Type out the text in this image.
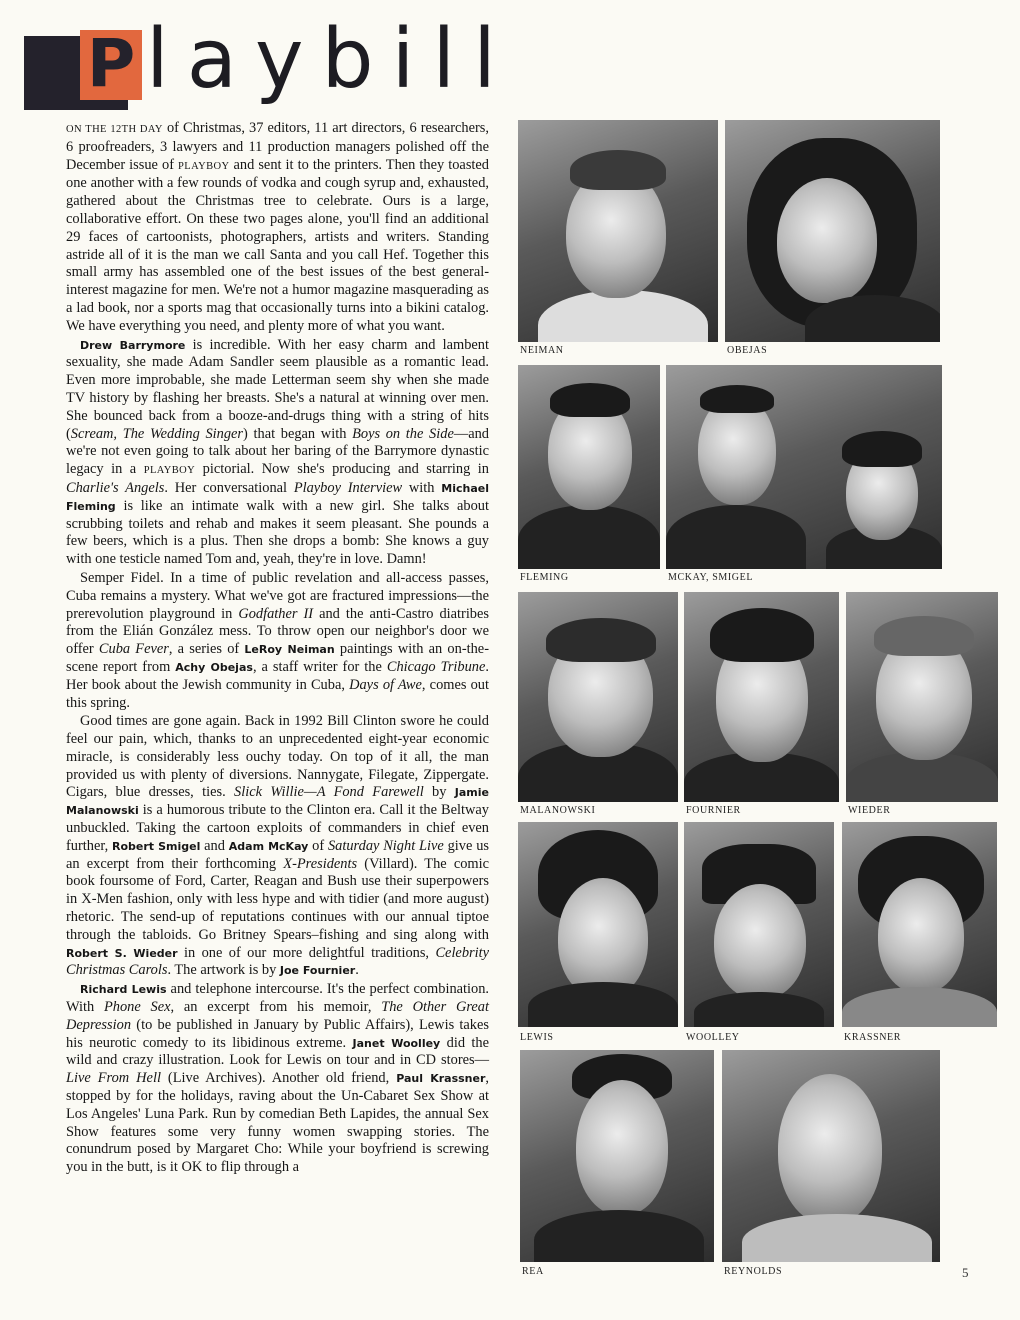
P laybill

ON THE 12TH DAY of Christmas, 37 editors, 11 art directors, 6 researchers, 6 proofreaders, 3 lawyers and 11 production managers polished off the December issue of PLAYBOY and sent it to the printers. Then they toasted one another with a few rounds of vodka and cough syrup and, exhausted, gathered about the Christmas tree to celebrate. Ours is a large, collaborative effort. On these two pages alone, you'll find an additional 29 faces of cartoonists, photographers, artists and writers. Standing astride all of it is the man we call Santa and you call Hef. Together this small army has assembled one of the best issues of the best general-interest magazine for men. We're not a humor magazine masquerading as a lad book, nor a sports mag that occasionally turns into a bikini catalog. We have everything you need, and plenty more of what you want.

Drew Barrymore is incredible. With her easy charm and lambent sexuality, she made Adam Sandler seem plausible as a romantic lead. Even more improbable, she made Letterman seem shy when she made TV history by flashing her breasts. She's a natural at winning over men. She bounced back from a booze-and-drugs thing with a string of hits (Scream, The Wedding Singer) that began with Boys on the Side—and we're not even going to talk about her baring of the Barrymore dynastic legacy in a PLAYBOY pictorial. Now she's producing and starring in Charlie's Angels. Her conversational Playboy Interview with Michael Fleming is like an intimate walk with a new girl. She talks about scrubbing toilets and rehab and makes it seem pleasant. She pounds a few beers, which is a plus. Then she drops a bomb: She knows a guy with one testicle named Tom and, yeah, they're in love. Damn!

Semper Fidel. In a time of public revelation and all-access passes, Cuba remains a mystery. What we've got are fractured impressions—the prerevolution playground in Godfather II and the anti-Castro diatribes from the Elián González mess. To throw open our neighbor's door we offer Cuba Fever, a series of LeRoy Neiman paintings with an on-the-scene report from Achy Obejas, a staff writer for the Chicago Tribune. Her book about the Jewish community in Cuba, Days of Awe, comes out this spring.

Good times are gone again. Back in 1992 Bill Clinton swore he could feel our pain, which, thanks to an unprecedented eight-year economic miracle, is considerably less ouchy today. On top of it all, the man provided us with plenty of diversions. Nannygate, Filegate, Zippergate. Cigars, blue dresses, ties. Slick Willie—A Fond Farewell by Jamie Malanowski is a humorous tribute to the Clinton era. Call it the Beltway unbuckled. Taking the cartoon exploits of commanders in chief even further, Robert Smigel and Adam McKay of Saturday Night Live give us an excerpt from their forthcoming X-Presidents (Villard). The comic book foursome of Ford, Carter, Reagan and Bush use their superpowers in X-Men fashion, only with less hype and with tidier (and more august) rhetoric. The send-up of reputations continues with our annual tiptoe through the tabloids. Go Britney Spears–fishing and sing along with Robert S. Wieder in one of our more delightful traditions, Celebrity Christmas Carols. The artwork is by Joe Fournier.

Richard Lewis and telephone intercourse. It's the perfect combination. With Phone Sex, an excerpt from his memoir, The Other Great Depression (to be published in January by Public Affairs), Lewis takes his neurotic comedy to its libidinous extreme. Janet Woolley did the wild and crazy illustration. Look for Lewis on tour and in CD stores—Live From Hell (Live Archives). Another old friend, Paul Krassner, stopped by for the holidays, raving about the Un-Cabaret Sex Show at Los Angeles' Luna Park. Run by comedian Beth Lapides, the annual Sex Show features some very funny women swapping stories. The conundrum posed by Margaret Cho: While your boyfriend is screwing you in the butt, is it OK to flip through a

NEIMAN	OBEJAS
FLEMING	MCKAY, SMIGEL
MALANOWSKI	FOURNIER	WIEDER
LEWIS	WOOLLEY	KRASSNER
REA	REYNOLDS	5
